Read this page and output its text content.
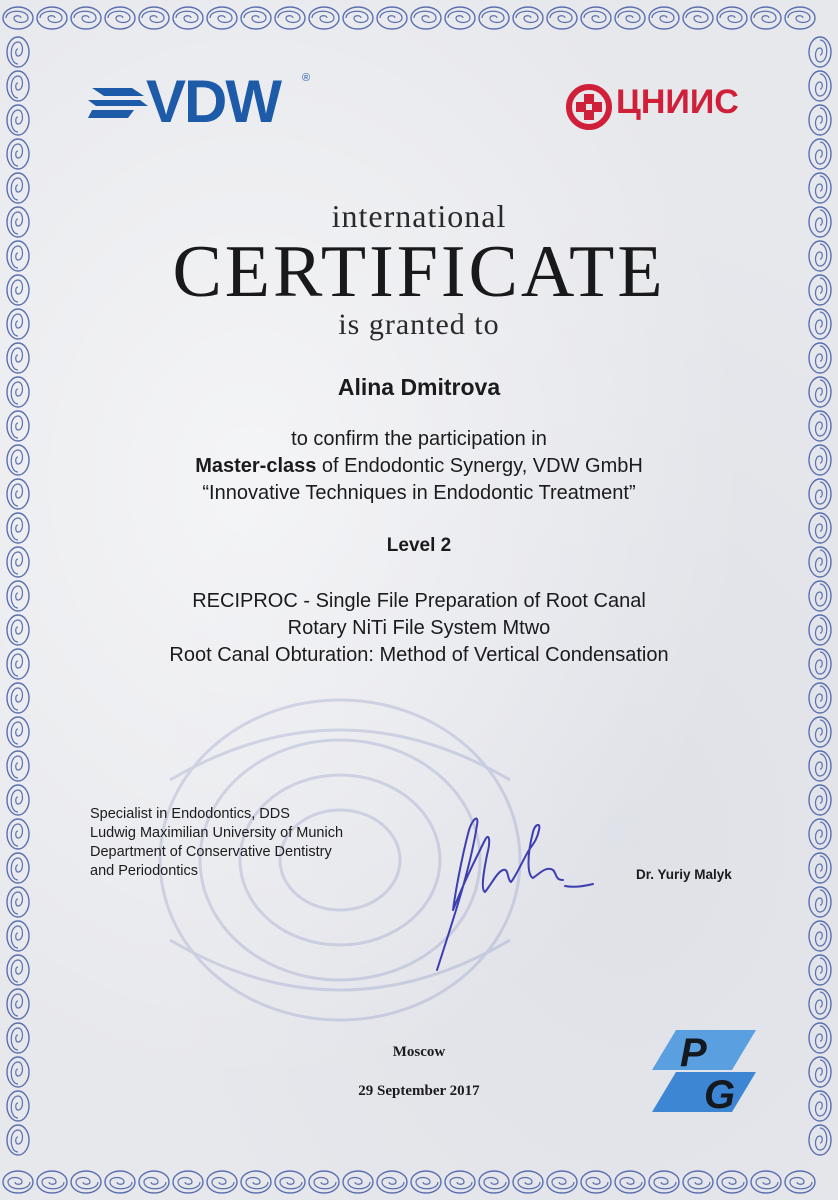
VDW ®
ЦНИИС
international
CERTIFICATE
is granted to
Alina Dmitrova
to confirm the participation in
Master-class of Endodontic Synergy, VDW GmbH
“Innovative Techniques in Endodontic Treatment”
Level 2
RECIPROC - Single File Preparation of Root Canal
Rotary NiTi File System Mtwo
Root Canal Obturation: Method of Vertical Condensation
Specialist in Endodontics, DDS
Ludwig Maximilian University of Munich
Department of Conservative Dentistry
and Periodontics	Dr. Yuriy Malyk
Moscow
29 September 2017
P
G
